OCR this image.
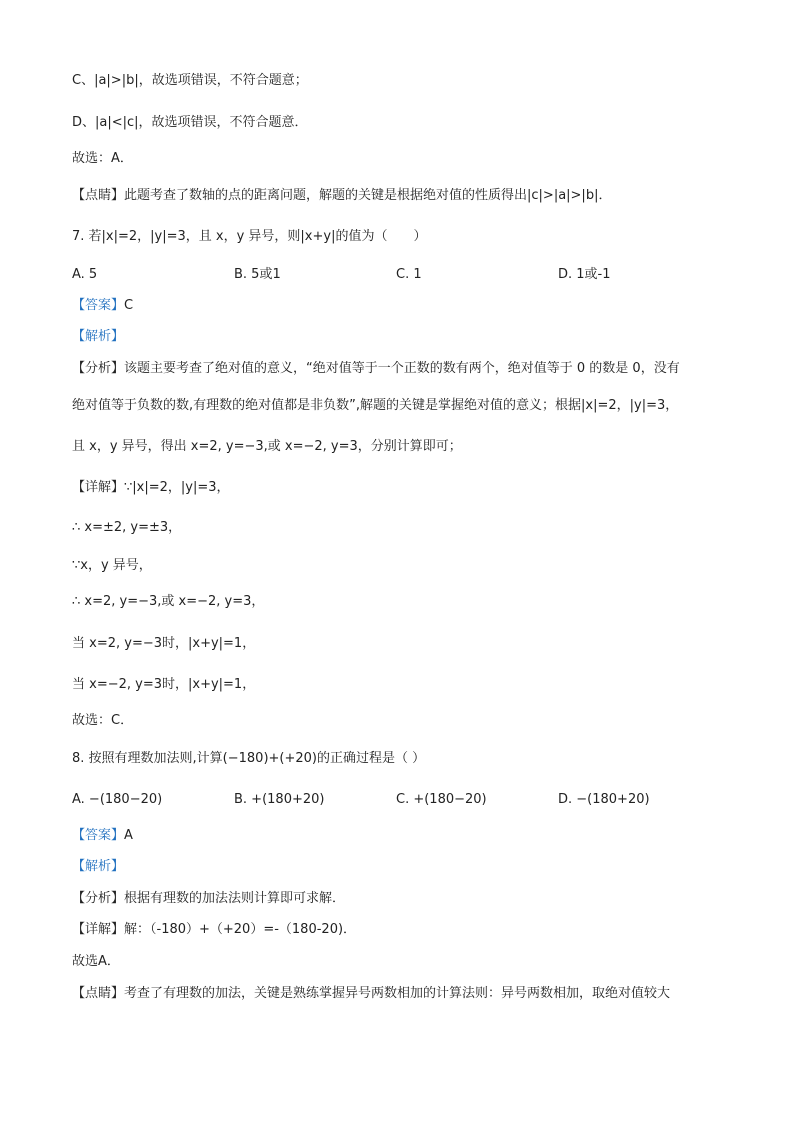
C、|a|>|b|，故选项错误，不符合题意；
D、|a|<|c|，故选项错误，不符合题意．
故选：A．
【点睛】此题考查了数轴的点的距离问题，解题的关键是根据绝对值的性质得出|c|>|a|>|b|．
7. 若|x|=2，|y|=3，且 x，y 异号，则|x+y|的值为（　　）
A. 5	B. 5或1	C. 1	D. 1或-1
【答案】C
【解析】
【分析】该题主要考查了绝对值的意义，“绝对值等于一个正数的数有两个，绝对值等于 0 的数是 0，没有
绝对值等于负数的数,有理数的绝对值都是非负数”,解题的关键是掌握绝对值的意义；根据|x|=2，|y|=3，
且 x，y 异号，得出 x=2, y=−3,或 x=−2, y=3，分别计算即可；
【详解】∵|x|=2，|y|=3，
∴ x=±2, y=±3，
∵x，y 异号，
∴ x=2, y=−3,或 x=−2, y=3，
当 x=2, y=−3时，|x+y|=1，
当 x=−2, y=3时，|x+y|=1，
故选：C．
8. 按照有理数加法则,计算(−180)+(+20)的正确过程是（ ）
A. −(180−20)	B. +(180+20)	C. +(180−20)	D. −(180+20)
【答案】A
【解析】
【分析】根据有理数的加法法则计算即可求解．
【详解】解：（-180）+（+20）=-（180-20)．
故选A．
【点睛】考查了有理数的加法，关键是熟练掌握异号两数相加的计算法则：异号两数相加，取绝对值较大
